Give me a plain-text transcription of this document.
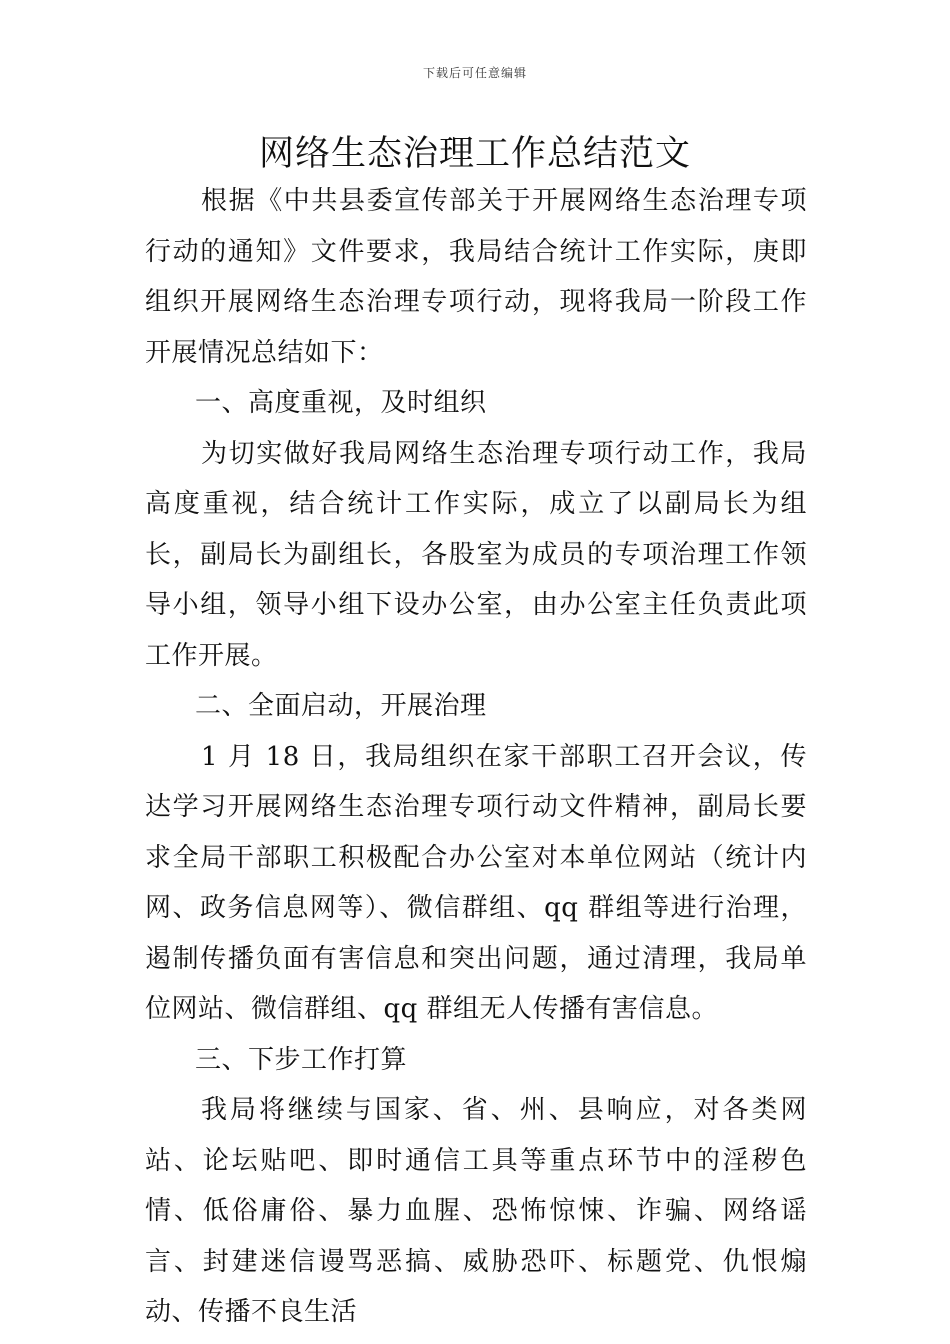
下载后可任意编辑
网络生态治理工作总结范文

根据《中共县委宣传部关于开展网络生态治理专项行动的通知》文件要求，我局结合统计工作实际，庚即组织开展网络生态治理专项行动，现将我局一阶段工作开展情况总结如下：

一、高度重视，及时组织

为切实做好我局网络生态治理专项行动工作，我局高度重视，结合统计工作实际，成立了以副局长为组长，副局长为副组长，各股室为成员的专项治理工作领导小组，领导小组下设办公室，由办公室主任负责此项工作开展。

二、全面启动，开展治理

1 月 18 日，我局组织在家干部职工召开会议，传达学习开展网络生态治理专项行动文件精神，副局长要求全局干部职工积极配合办公室对本单位网站（统计内网、政务信息网等）、微信群组、qq 群组等进行治理，遏制传播负面有害信息和突出问题，通过清理，我局单位网站、微信群组、qq 群组无人传播有害信息。

三、下步工作打算

我局将继续与国家、省、州、县响应，对各类网站、论坛贴吧、即时通信工具等重点环节中的淫秽色情、低俗庸俗、暴力血腥、恐怖惊悚、诈骗、网络谣言、封建迷信谩骂恶搞、威胁恐吓、标题党、仇恨煽动、传播不良生活
